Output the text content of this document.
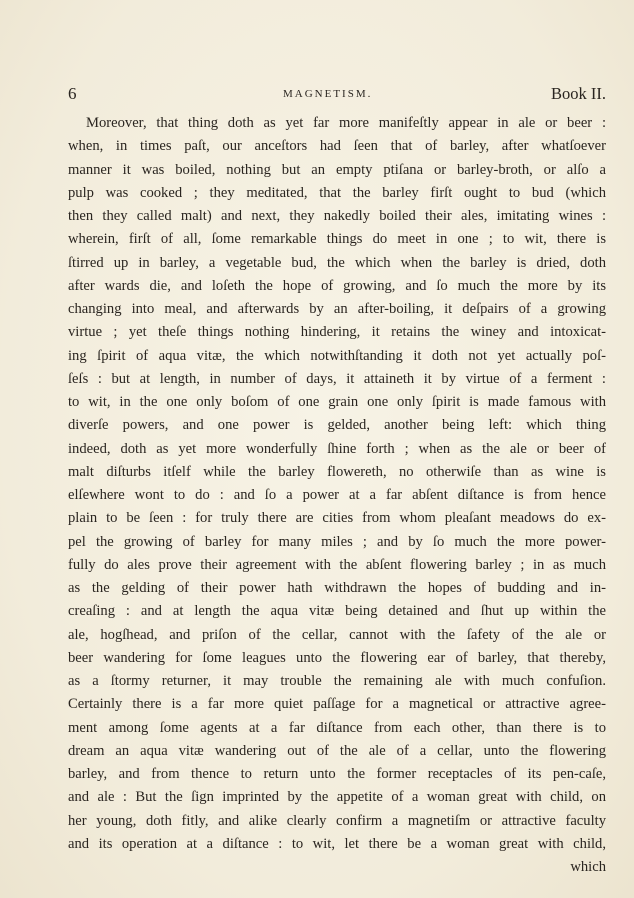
6	MAGNETISM.	Book II.
Moreover, that thing doth as yet far more manifeſtly appear in ale or beer :
when, in times paſt, our anceſtors had ſeen that of barley, after whatſoever
manner it was boiled, nothing but an empty ptiſana or barley-broth, or alſo a
pulp was cooked ; they meditated, that the barley firſt ought to bud (which
then they called malt) and next, they nakedly boiled their ales, imitating wines :
wherein, firſt of all, ſome remarkable things do meet in one ; to wit, there is
ſtirred up in barley, a vegetable bud, the which when the barley is dried, doth
after wards die, and loſeth the hope of growing, and ſo much the more by its
changing into meal, and afterwards by an after-boiling, it deſpairs of a growing
virtue ; yet theſe things nothing hindering, it retains the winey and intoxicat-
ing ſpirit of aqua vitæ, the which notwithſtanding it doth not yet actually poſ-
ſeſs : but at length, in number of days, it attaineth it by virtue of a ferment :
to wit, in the one only boſom of one grain one only ſpirit is made famous with
diverſe powers, and one power is gelded, another being left: which thing
indeed, doth as yet more wonderfully ſhine forth ; when as the ale or beer of
malt diſturbs itſelf while the barley flowereth, no otherwiſe than as wine is
elſewhere wont to do : and ſo a power at a far abſent diſtance is from hence
plain to be ſeen : for truly there are cities from whom pleaſant meadows do ex-
pel the growing of barley for many miles ; and by ſo much the more power-
fully do ales prove their agreement with the abſent flowering barley ; in as much
as the gelding of their power hath withdrawn the hopes of budding and in-
creaſing : and at length the aqua vitæ being detained and ſhut up within the
ale, hogſhead, and priſon of the cellar, cannot with the ſafety of the ale or
beer wandering for ſome leagues unto the flowering ear of barley, that thereby,
as a ſtormy returner, it may trouble the remaining ale with much confuſion.
Certainly there is a far more quiet paſſage for a magnetical or attractive agree-
ment among ſome agents at a far diſtance from each other, than there is to
dream an aqua vitæ wandering out of the ale of a cellar, unto the flowering
barley, and from thence to return unto the former receptacles of its pen-caſe,
and ale : But the ſign imprinted by the appetite of a woman great with child, on
her young, doth fitly, and alike clearly confirm a magnetiſm or attractive faculty
and its operation at a diſtance : to wit, let there be a woman great with child,
which
